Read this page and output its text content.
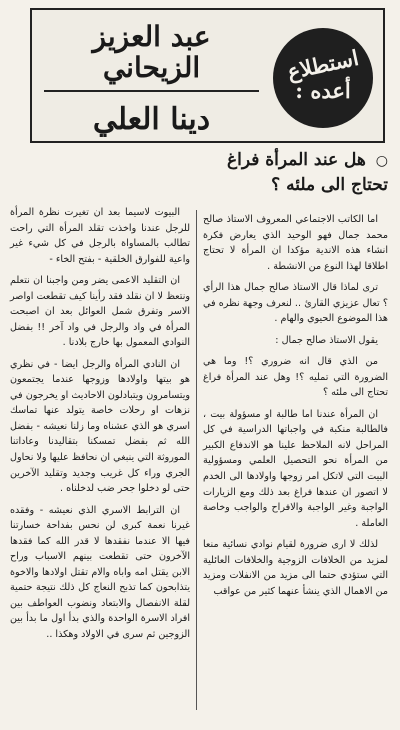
استطلاع
أعده :
عبد العزيز الزيحاني
دينا العلي
○ هل عند المرأة فراغ تحتاج الى ملئه ؟

اما الكاتب الاجتماعي المعروف الاستاذ صالح محمد جمال فهو الوحيد الذي يعارض فكرة انشاء هذه الاندية مؤكدا ان المرأة لا تحتاج اطلاقا لهذا النوع من الانشطة .

ترى لماذا قال الاستاذ صالح جمال هذا الرأي ؟ تعال عزيزي القارئ .. لنعرف وجهة نظره في هذا الموضوع الحيوي والهام .

يقول الاستاذ صالح جمال :

من الذي قال انه ضروري ؟! وما هي الضرورة التي تمليه ؟! وهل عند المرأة فراغ تحتاج الى ملئه ؟

ان المرأة عندنا اما طالبة او مسؤولة بيت ، فالطالبة منكبة في واجباتها الدراسية في كل المراحل لانه الملاحظ علينا هو الاندفاع الكبير من المرأة نحو التحصيل العلمي ومسؤولية البيت التي لاتكل امر زوجها واولادها الى الخدم لا اتصور ان عندها فراغ بعد ذلك ومع الزيارات الواجبة وغير الواجبة والافراح والواجب وخاصة العاملة .

لذلك لا ارى ضرورة لقيام نوادي نسائية منعا لمزيد من الخلافات الزوجية والخلافات العائلية التي ستؤدي حتما الى مزيد من الانفلات ومزيد من الاهمال الذي ينشأ عنهما كثير من عواقب

البيوت لاسيما بعد ان تغيرت نظرة المرأة للرجل عندنا واخذت تقلد المرأة التي راحت تطالب بالمساواة بالرجل في كل شيء غير واعية للفوارق الخلقية - بفتح الخاء -

ان التقليد الاعمى يضر ومن واجبنا ان نتعلم ونتعظ لا ان نقلد فقد رأينا كيف تقطعت اواصر الاسر وتفرق شمل العوائل بعد ان اصبحت المرأة في واد والرجل في واد آخر !! بفضل النوادي المعمول بها خارج بلادنا .

ان النادي المرأة والرجل ايضا - في نظري هو بيتها واولادها وزوجها عندما يجتمعون ويتسامرون ويتبادلون الاحاديث او يخرجون في نزهات او رحلات خاصة يتولد عنها تماسك اسري هو الذي عشناه وما زلنا نعيشه - بفضل الله ثم بفضل تمسكنا بتقاليدنا وعاداتنا الموروثة التي ينبغي ان نحافظ عليها ولا نحاول الجري وراء كل غريب وجديد وتقليد الآخرين حتى لو دخلوا جحر ضب لدخلناه .

ان الترابط الاسري الذي نعيشه - وفقده غيرنا نعمة كبرى لن نحس بفداحة خسارتنا فيها الا عندما نفقدها لا قدر الله كما فقدها الآخرون حتى تقطعت بينهم الاسباب وراح الابن يقتل امه واباه والام تقتل اولادها والاخوة يتذابحون كما تذبح النعاج كل ذلك نتيجة حتمية لقلة الانفصال والابتعاد ونضوب العواطف بين افراد الاسرة الواحدة والذي بدأ اول ما بدأ بين الزوجين ثم سرى في الاولاد وهكذا ..
